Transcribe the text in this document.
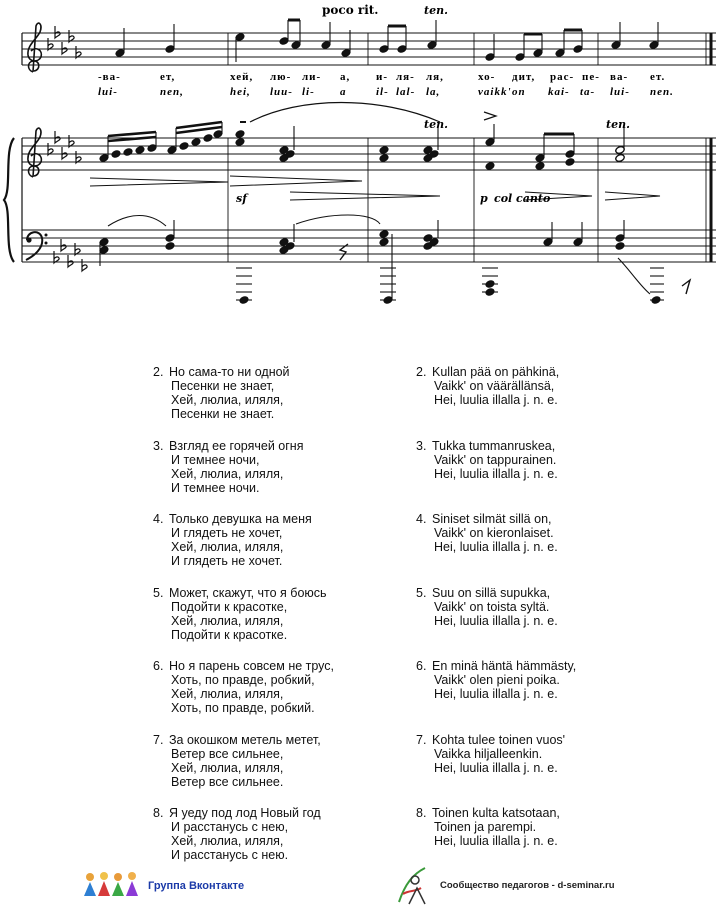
poco rit.	ten.
-ва-	ет,	хей, лю- ли- а, и- ля- ля,	хо- дит, рас- пе- ва- ет.
lui-	nen,	hei, luu- li- a	il- lal- la,	vaikk' on kai- ta- lui- nen.
ten.	ten.
sf	p col canto
2. Но сама-то ни одной
Песенки не знает,
Хей, люлиа, иляля,
Песенки не знает.
3. Взгляд ее горячей огня
И темнее ночи,
Хей, люлиа, иляля,
И темнее ночи.
4. Только девушка на меня
И глядеть не хочет,
Хей, люлиа, иляля,
И глядеть не хочет.
5. Может, скажут, что я боюсь
Подойти к красотке,
Хей, люлиа, иляля,
Подойти к красотке.
6. Но я парень совсем не трус,
Хоть, по правде, робкий,
Хей, люлиа, иляля,
Хоть, по правде, робкий.
7. За окошком метель метет,
Ветер все сильнее,
Хей, люлиа, иляля,
Ветер все сильнее.
8. Я уеду под лод Новый год
И расстанусь с нею,
Хей, люлиа, иляля,
И расстанусь с нею.
2. Kullan pää on pähkinä,
Vaikk' on väärällänsä,
Hei, luulia illalla j. n. e.
3. Tukka tummanruskea,
Vaikk' on tappurainen.
Hei, luulia illalla j. n. e.
4. Siniset silmät sillä on,
Vaikk' on kieronlaiset.
Hei, luulia illalla j. n. e.
5. Suu on sillä supukka,
Vaikk' on toista syltä.
Hei, luulia illalla j. n. e.
6. En minä häntä hämmästy,
Vaikk' olen pieni poika.
Hei, luulia illalla j. n. e.
7. Kohta tulee toinen vuos'
Vaikka hiljalleenkin.
Hei, luulia illalla j. n. e.
8. Toinen kulta katsotaan,
Toinen ja parempi.
Hei, luulia illalla j. n. e.
Группа Вконтакте	Сообщество педагогов - d-seminar.ru
